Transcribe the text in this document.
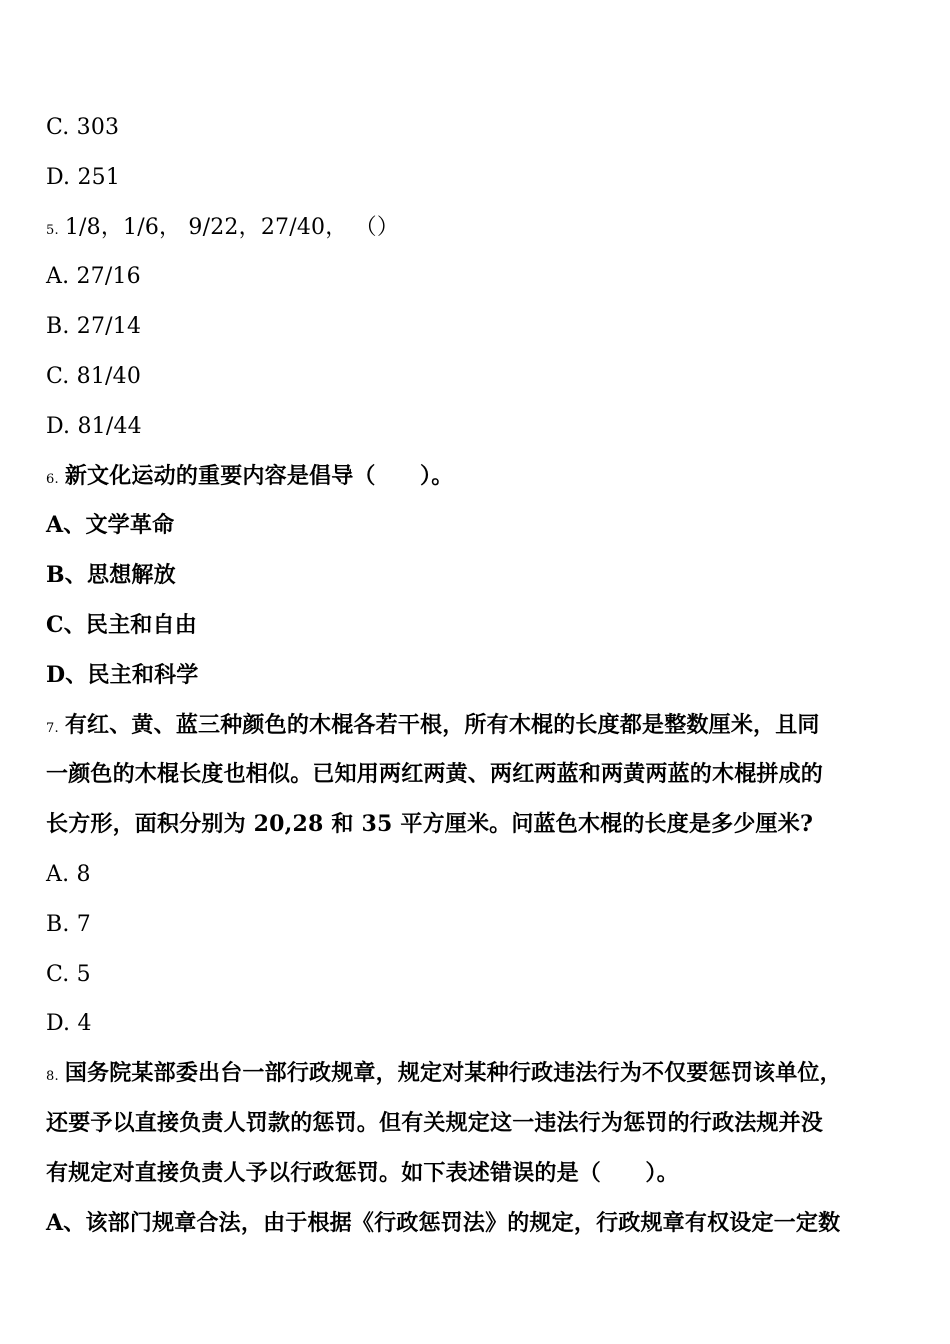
C. 303
D. 251
5. 1/8，1/6， 9/22，27/40， （）
A. 27/16
B. 27/14
C. 81/40
D. 81/44
6. 新文化运动的重要内容是倡导（　　）。
A、文学革命
B、思想解放
C、民主和自由
D、民主和科学
7. 有红、黄、蓝三种颜色的木棍各若干根，所有木棍的长度都是整数厘米，且同
一颜色的木棍长度也相似。已知用两红两黄、两红两蓝和两黄两蓝的木棍拼成的
长方形，面积分别为 20,28 和 35 平方厘米。问蓝色木棍的长度是多少厘米?
A. 8
B. 7
C. 5
D. 4
8. 国务院某部委出台一部行政规章，规定对某种行政违法行为不仅要惩罚该单位，
还要予以直接负责人罚款的惩罚。但有关规定这一违法行为惩罚的行政法规并没
有规定对直接负责人予以行政惩罚。如下表述错误的是（　　）。
A、该部门规章合法，由于根据《行政惩罚法》的规定，行政规章有权设定一定数
